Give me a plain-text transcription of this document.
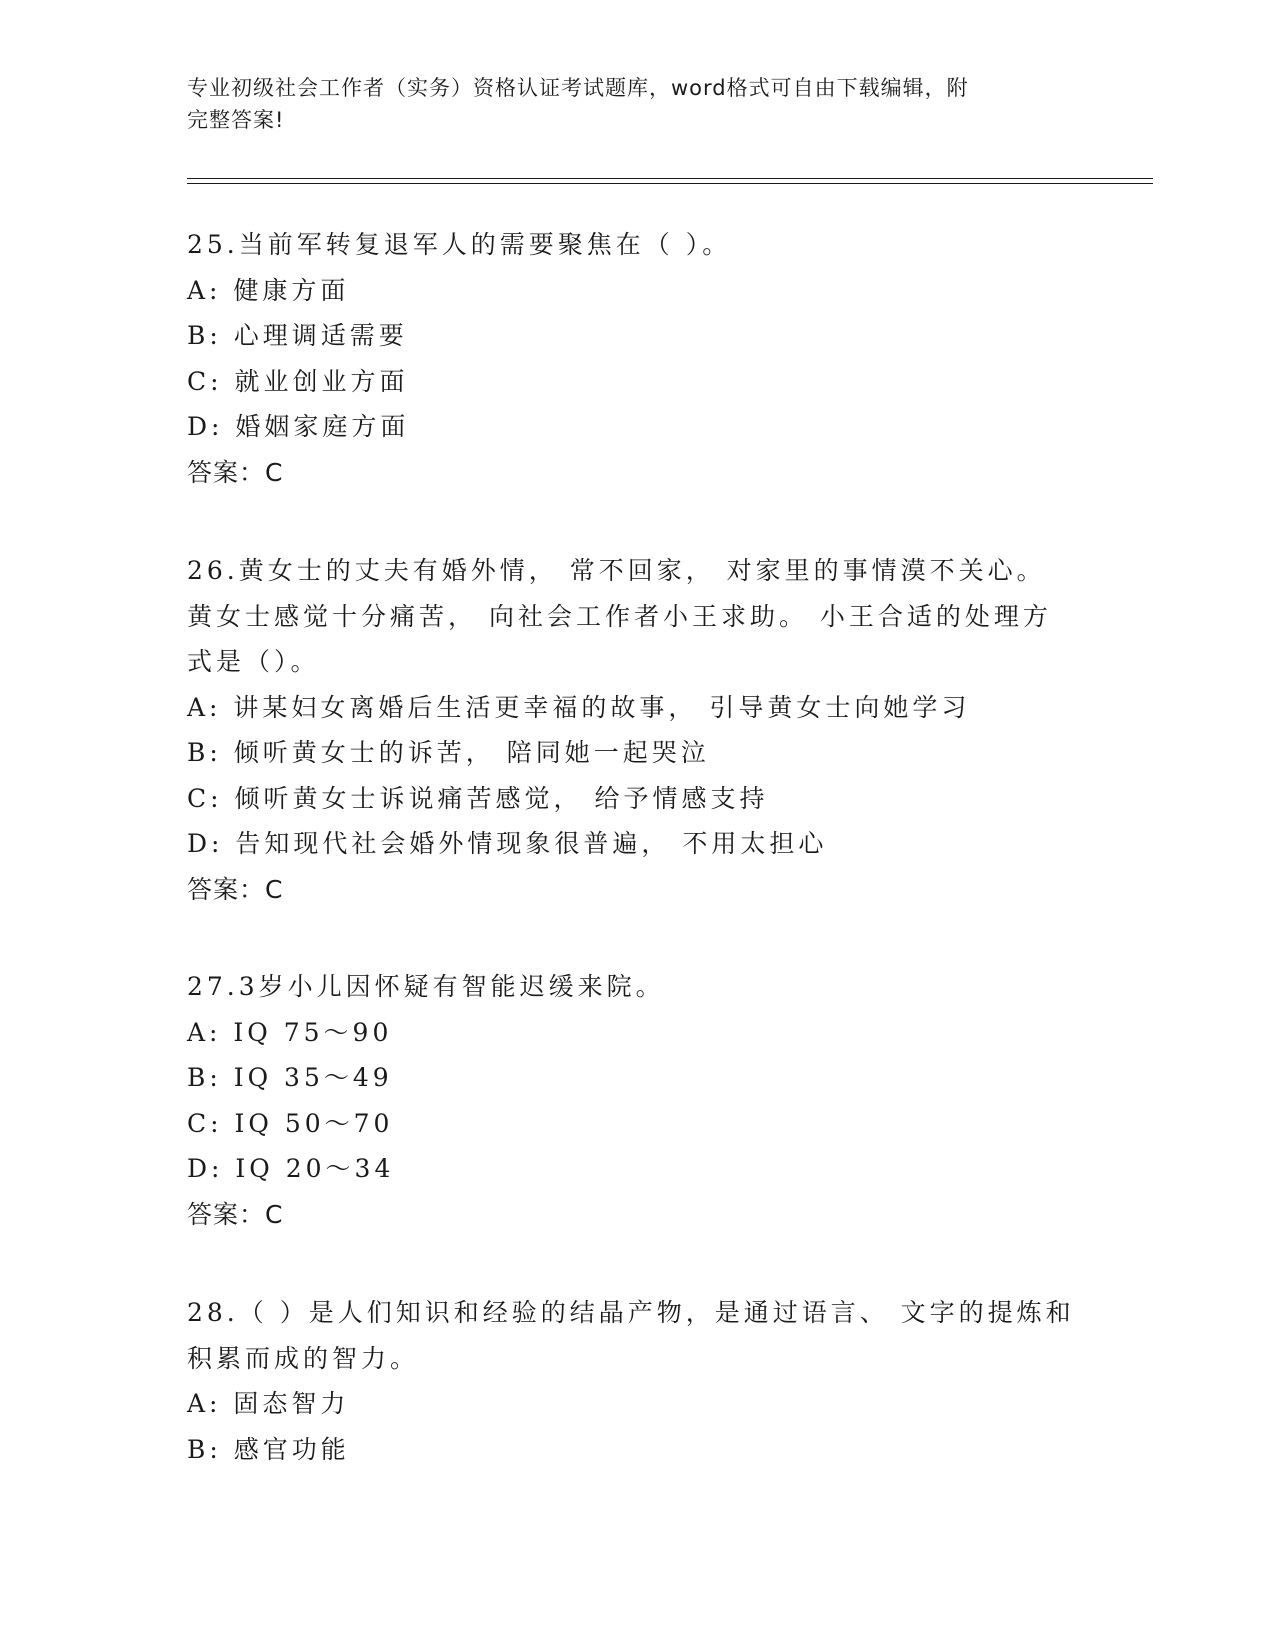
专业初级社会工作者（实务）资格认证考试题库，word格式可自由下载编辑，附
完整答案!
25.当前军转复退军人的需要聚焦在（ ）。
A: 健康方面
B: 心理调适需要
C: 就业创业方面
D: 婚姻家庭方面
答案：C
26.黄女士的丈夫有婚外情， 常不回家， 对家里的事情漠不关心。
黄女士感觉十分痛苦， 向社会工作者小王求助。 小王合适的处理方
式是（）。
A: 讲某妇女离婚后生活更幸福的故事， 引导黄女士向她学习
B: 倾听黄女士的诉苦， 陪同她一起哭泣
C: 倾听黄女士诉说痛苦感觉， 给予情感支持
D: 告知现代社会婚外情现象很普遍， 不用太担心
答案：C
27.3岁小儿因怀疑有智能迟缓来院。
A: IQ 75～90
B: IQ 35～49
C: IQ 50～70
D: IQ 20～34
答案：C
28.（ ）是人们知识和经验的结晶产物，是通过语言、 文字的提炼和
积累而成的智力。
A: 固态智力
B: 感官功能
